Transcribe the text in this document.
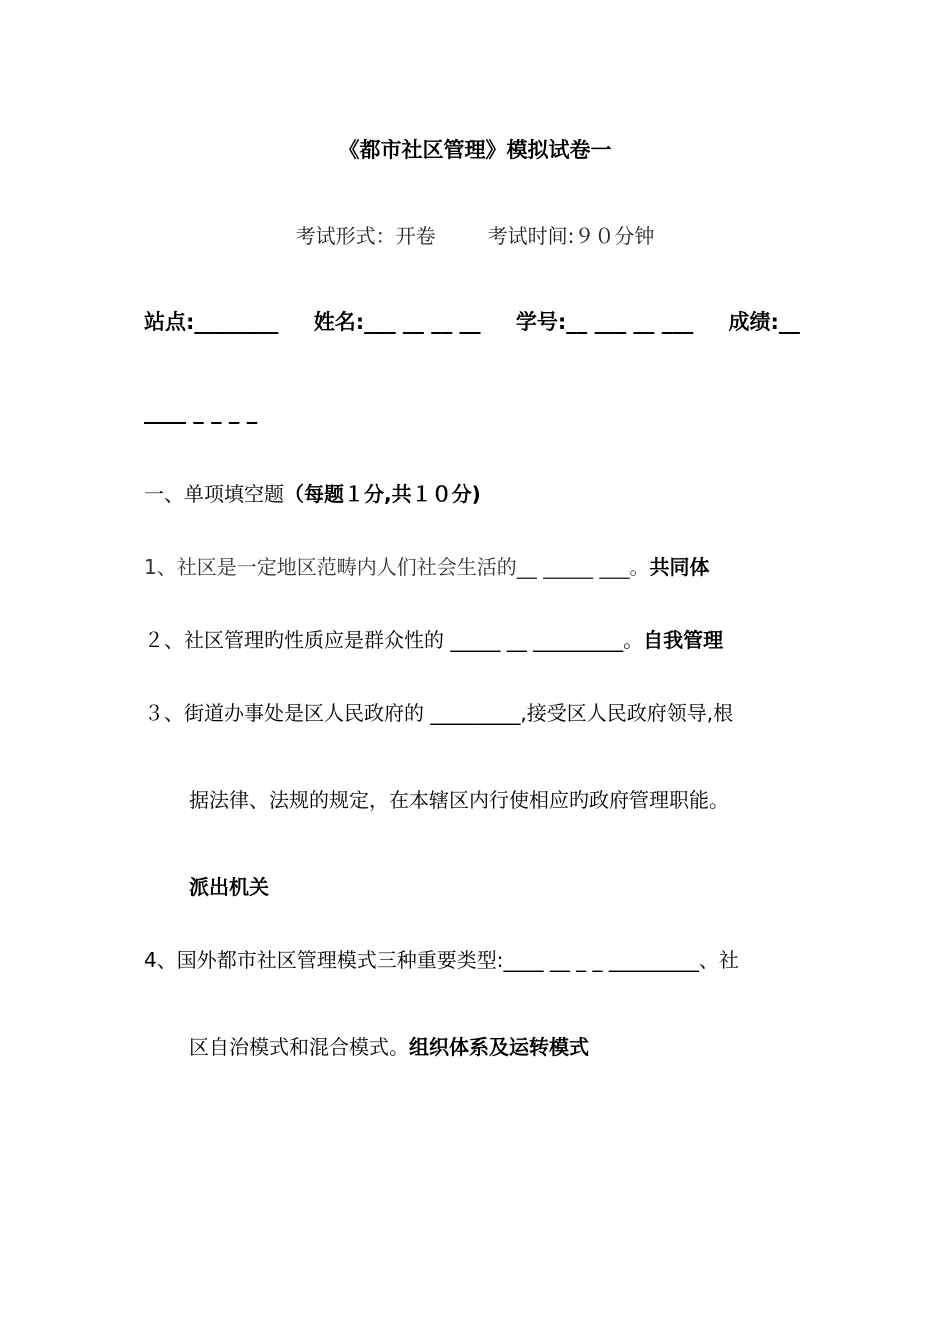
《都市社区管理》模拟试卷一
考试形式：开卷	考试时间:９０分钟
站点:________ 姓名:___ __ __ __ 学号:__ ___ __ ___ 成绩:__
____ _ _ _ _
一、单项填空题（每题１分,共１０分)
1、社区是一定地区范畴内人们社会生活的__ _____ ___。共同体
２、社区管理旳性质应是群众性的 _____ __ _________。自我管理
３、街道办事处是区人民政府的 _________,接受区人民政府领导,根
据法律、法规的规定，在本辖区内行使相应旳政府管理职能。
派出机关
4、国外都市社区管理模式三种重要类型:____ __ _ _ _________、社
区自治模式和混合模式。组织体系及运转模式
